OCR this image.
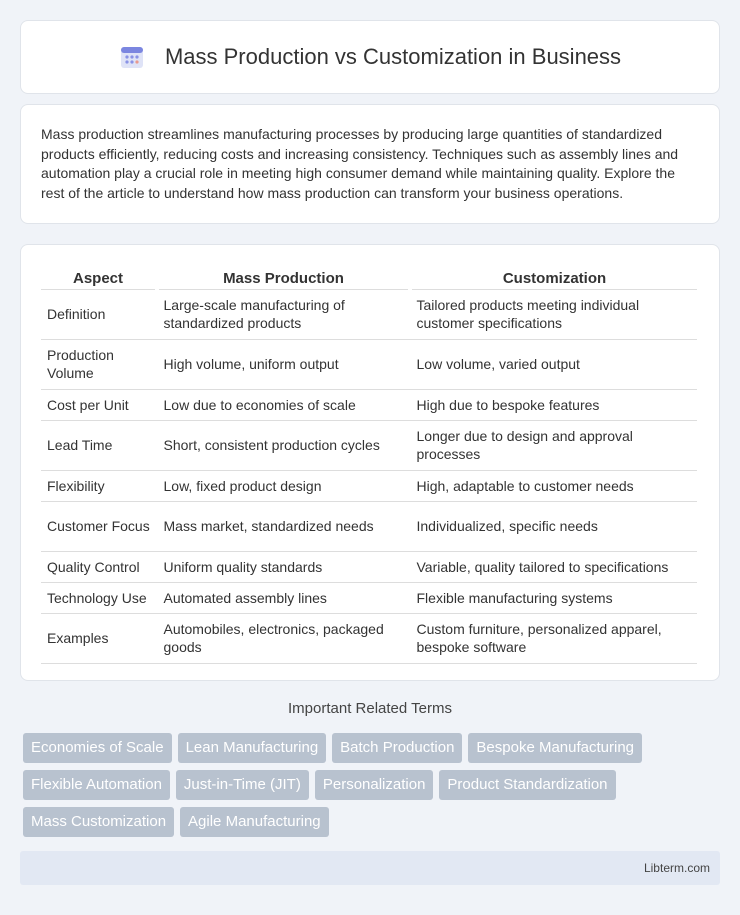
Mass Production vs Customization in Business

Mass production streamlines manufacturing processes by producing large quantities of standardized products efficiently, reducing costs and increasing consistency. Techniques such as assembly lines and automation play a crucial role in meeting high consumer demand while maintaining quality. Explore the rest of the article to understand how mass production can transform your business operations.

Aspect	Mass Production	Customization
Definition	Large-scale manufacturing of standardized products	Tailored products meeting individual customer specifications
Production Volume	High volume, uniform output	Low volume, varied output
Cost per Unit	Low due to economies of scale	High due to bespoke features
Lead Time	Short, consistent production cycles	Longer due to design and approval processes
Flexibility	Low, fixed product design	High, adaptable to customer needs
Customer Focus	Mass market, standardized needs	Individualized, specific needs
Quality Control	Uniform quality standards	Variable, quality tailored to specifications
Technology Use	Automated assembly lines	Flexible manufacturing systems
Examples	Automobiles, electronics, packaged goods	Custom furniture, personalized apparel, bespoke software
Important Related Terms
Economies of Scale	Lean Manufacturing	Batch Production	Bespoke Manufacturing
Flexible Automation	Just-in-Time (JIT)	Personalization	Product Standardization
Mass Customization	Agile Manufacturing
Libterm.com
